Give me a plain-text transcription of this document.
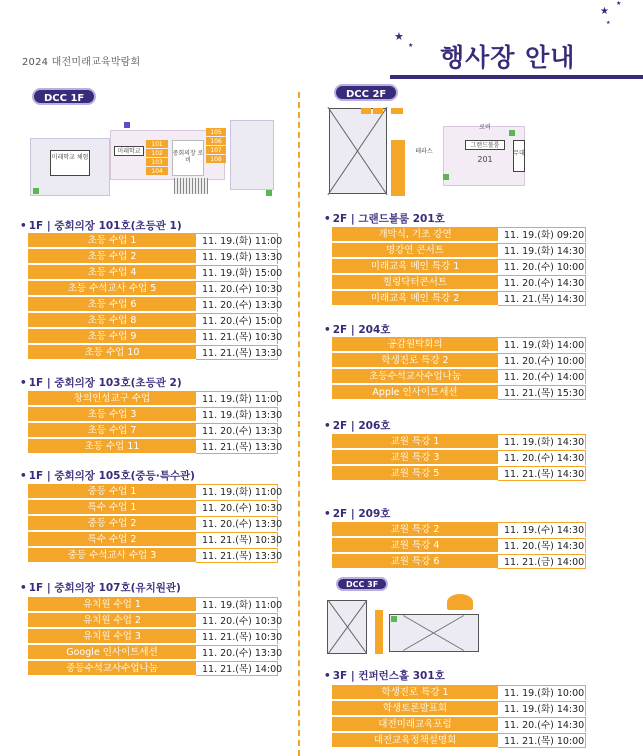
2024 대전미래교육박람회
★
★
★
★
★
행사장 안내
DCC 1F
미래학교 체험
미래학교
101
102
103
104
중회의장 로비
105
106
107
108
DCC 2F
테라스
그랜드볼룸
201
로비
무대
DCC 3F
• 1F | 중회의장 101호(초등관 1)
초등 수업 1	11. 19.(화) 11:00
초등 수업 2	11. 19.(화) 13:30
초등 수업 4	11. 19.(화) 15:00
초등 수석교사 수업 5	11. 20.(수) 10:30
초등 수업 6	11. 20.(수) 13:30
초등 수업 8	11. 20.(수) 15:00
초등 수업 9	11. 21.(목) 10:30
초등 수업 10	11. 21.(목) 13:30
• 1F | 중회의장 103호(초등관 2)
창의인성교구 수업	11. 19.(화) 11:00
초등 수업 3	11. 19.(화) 13:30
초등 수업 7	11. 20.(수) 13:30
초등 수업 11	11. 21.(목) 13:30
• 1F | 중회의장 105호(중등·특수관)
중등 수업 1	11. 19.(화) 11:00
특수 수업 1	11. 20.(수) 10:30
중등 수업 2	11. 20.(수) 13:30
특수 수업 2	11. 21.(목) 10:30
중등 수석교사 수업 3	11. 21.(목) 13:30
• 1F | 중회의장 107호(유치원관)
유치원 수업 1	11. 19.(화) 11:00
유치원 수업 2	11. 20.(수) 10:30
유치원 수업 3	11. 21.(목) 10:30
Google 인사이트세션	11. 20.(수) 13:30
중등수석교사수업나눔	11. 21.(목) 14:00
• 2F | 그랜드볼룸 201호
개막식, 기조 강연	11. 19.(화) 09:20
명강연 콘서트	11. 19.(화) 14:30
미래교육 메인 특강 1	11. 20.(수) 10:00
힐링닥터콘서트	11. 20.(수) 14:30
미래교육 메인 특강 2	11. 21.(목) 14:30
• 2F | 204호
공감원탁회의	11. 19.(화) 14:00
학생진로 특강 2	11. 20.(수) 10:00
초등수석교사수업나눔	11. 20.(수) 14:00
Apple 인사이트세션	11. 21.(목) 15:30
• 2F | 206호
교원 특강 1	11. 19.(화) 14:30
교원 특강 3	11. 20.(수) 14:30
교원 특강 5	11. 21.(목) 14:30
• 2F | 209호
교원 특강 2	11. 19.(수) 14:30
교원 특강 4	11. 20.(목) 14:30
교원 특강 6	11. 21.(금) 14:00
• 3F | 컨퍼런스홀 301호
학생진로 특강 1	11. 19.(화) 10:00
학생토론발표회	11. 19.(화) 14:30
대전미래교육포럼	11. 20.(수) 14:30
대전교육정책설명회	11. 21.(목) 10:00
